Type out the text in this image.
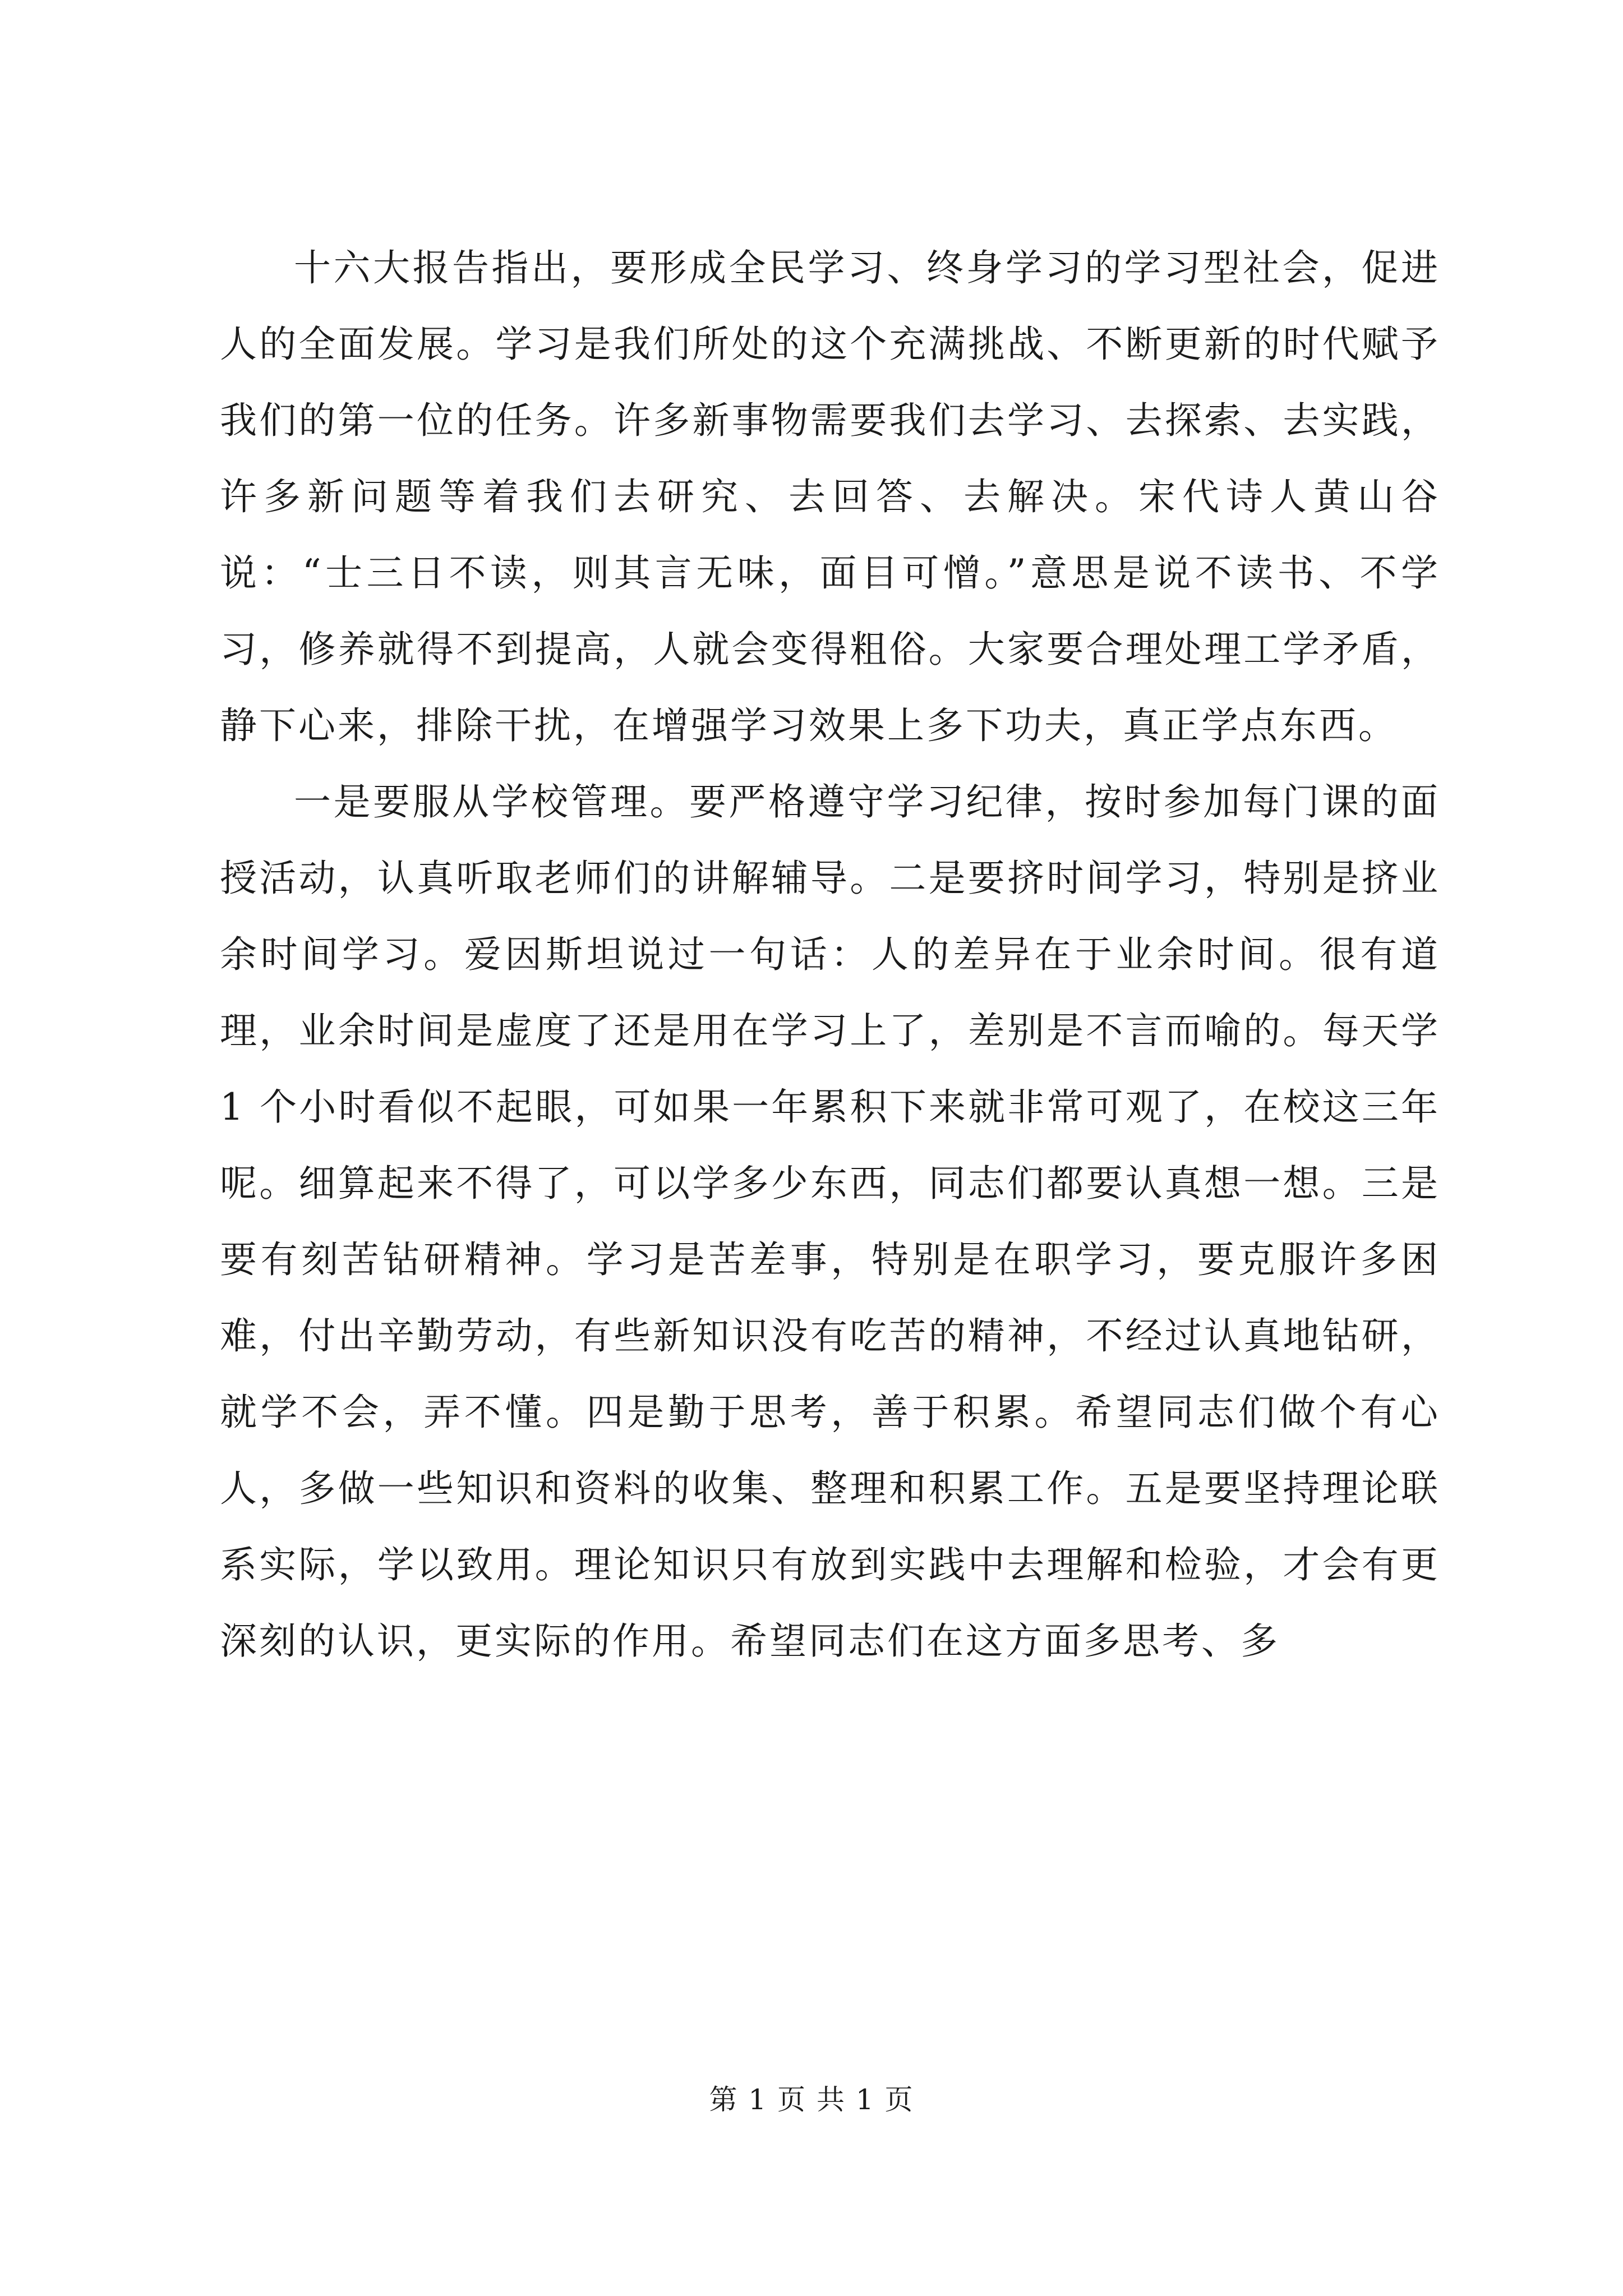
十六大报告指出，要形成全民学习、终身学习的学习型社会，促进人的全面发展。学习是我们所处的这个充满挑战、不断更新的时代赋予我们的第一位的任务。许多新事物需要我们去学习、去探索、去实践，许多新问题等着我们去研究、去回答、去解决。宋代诗人黄山谷说：“士三日不读，则其言无味，面目可憎。”意思是说不读书、不学习，修养就得不到提高，人就会变得粗俗。大家要合理处理工学矛盾，静下心来，排除干扰，在增强学习效果上多下功夫，真正学点东西。

一是要服从学校管理。要严格遵守学习纪律，按时参加每门课的面授活动，认真听取老师们的讲解辅导。二是要挤时间学习，特别是挤业余时间学习。爱因斯坦说过一句话：人的差异在于业余时间。很有道理，业余时间是虚度了还是用在学习上了，差别是不言而喻的。每天学 1 个小时看似不起眼，可如果一年累积下来就非常可观了，在校这三年呢。细算起来不得了，可以学多少东西，同志们都要认真想一想。三是要有刻苦钻研精神。学习是苦差事，特别是在职学习，要克服许多困难，付出辛勤劳动，有些新知识没有吃苦的精神，不经过认真地钻研，就学不会，弄不懂。四是勤于思考，善于积累。希望同志们做个有心人，多做一些知识和资料的收集、整理和积累工作。五是要坚持理论联系实际，学以致用。理论知识只有放到实践中去理解和检验，才会有更深刻的认识，更实际的作用。希望同志们在这方面多思考、多

第 1 页 共 1 页
